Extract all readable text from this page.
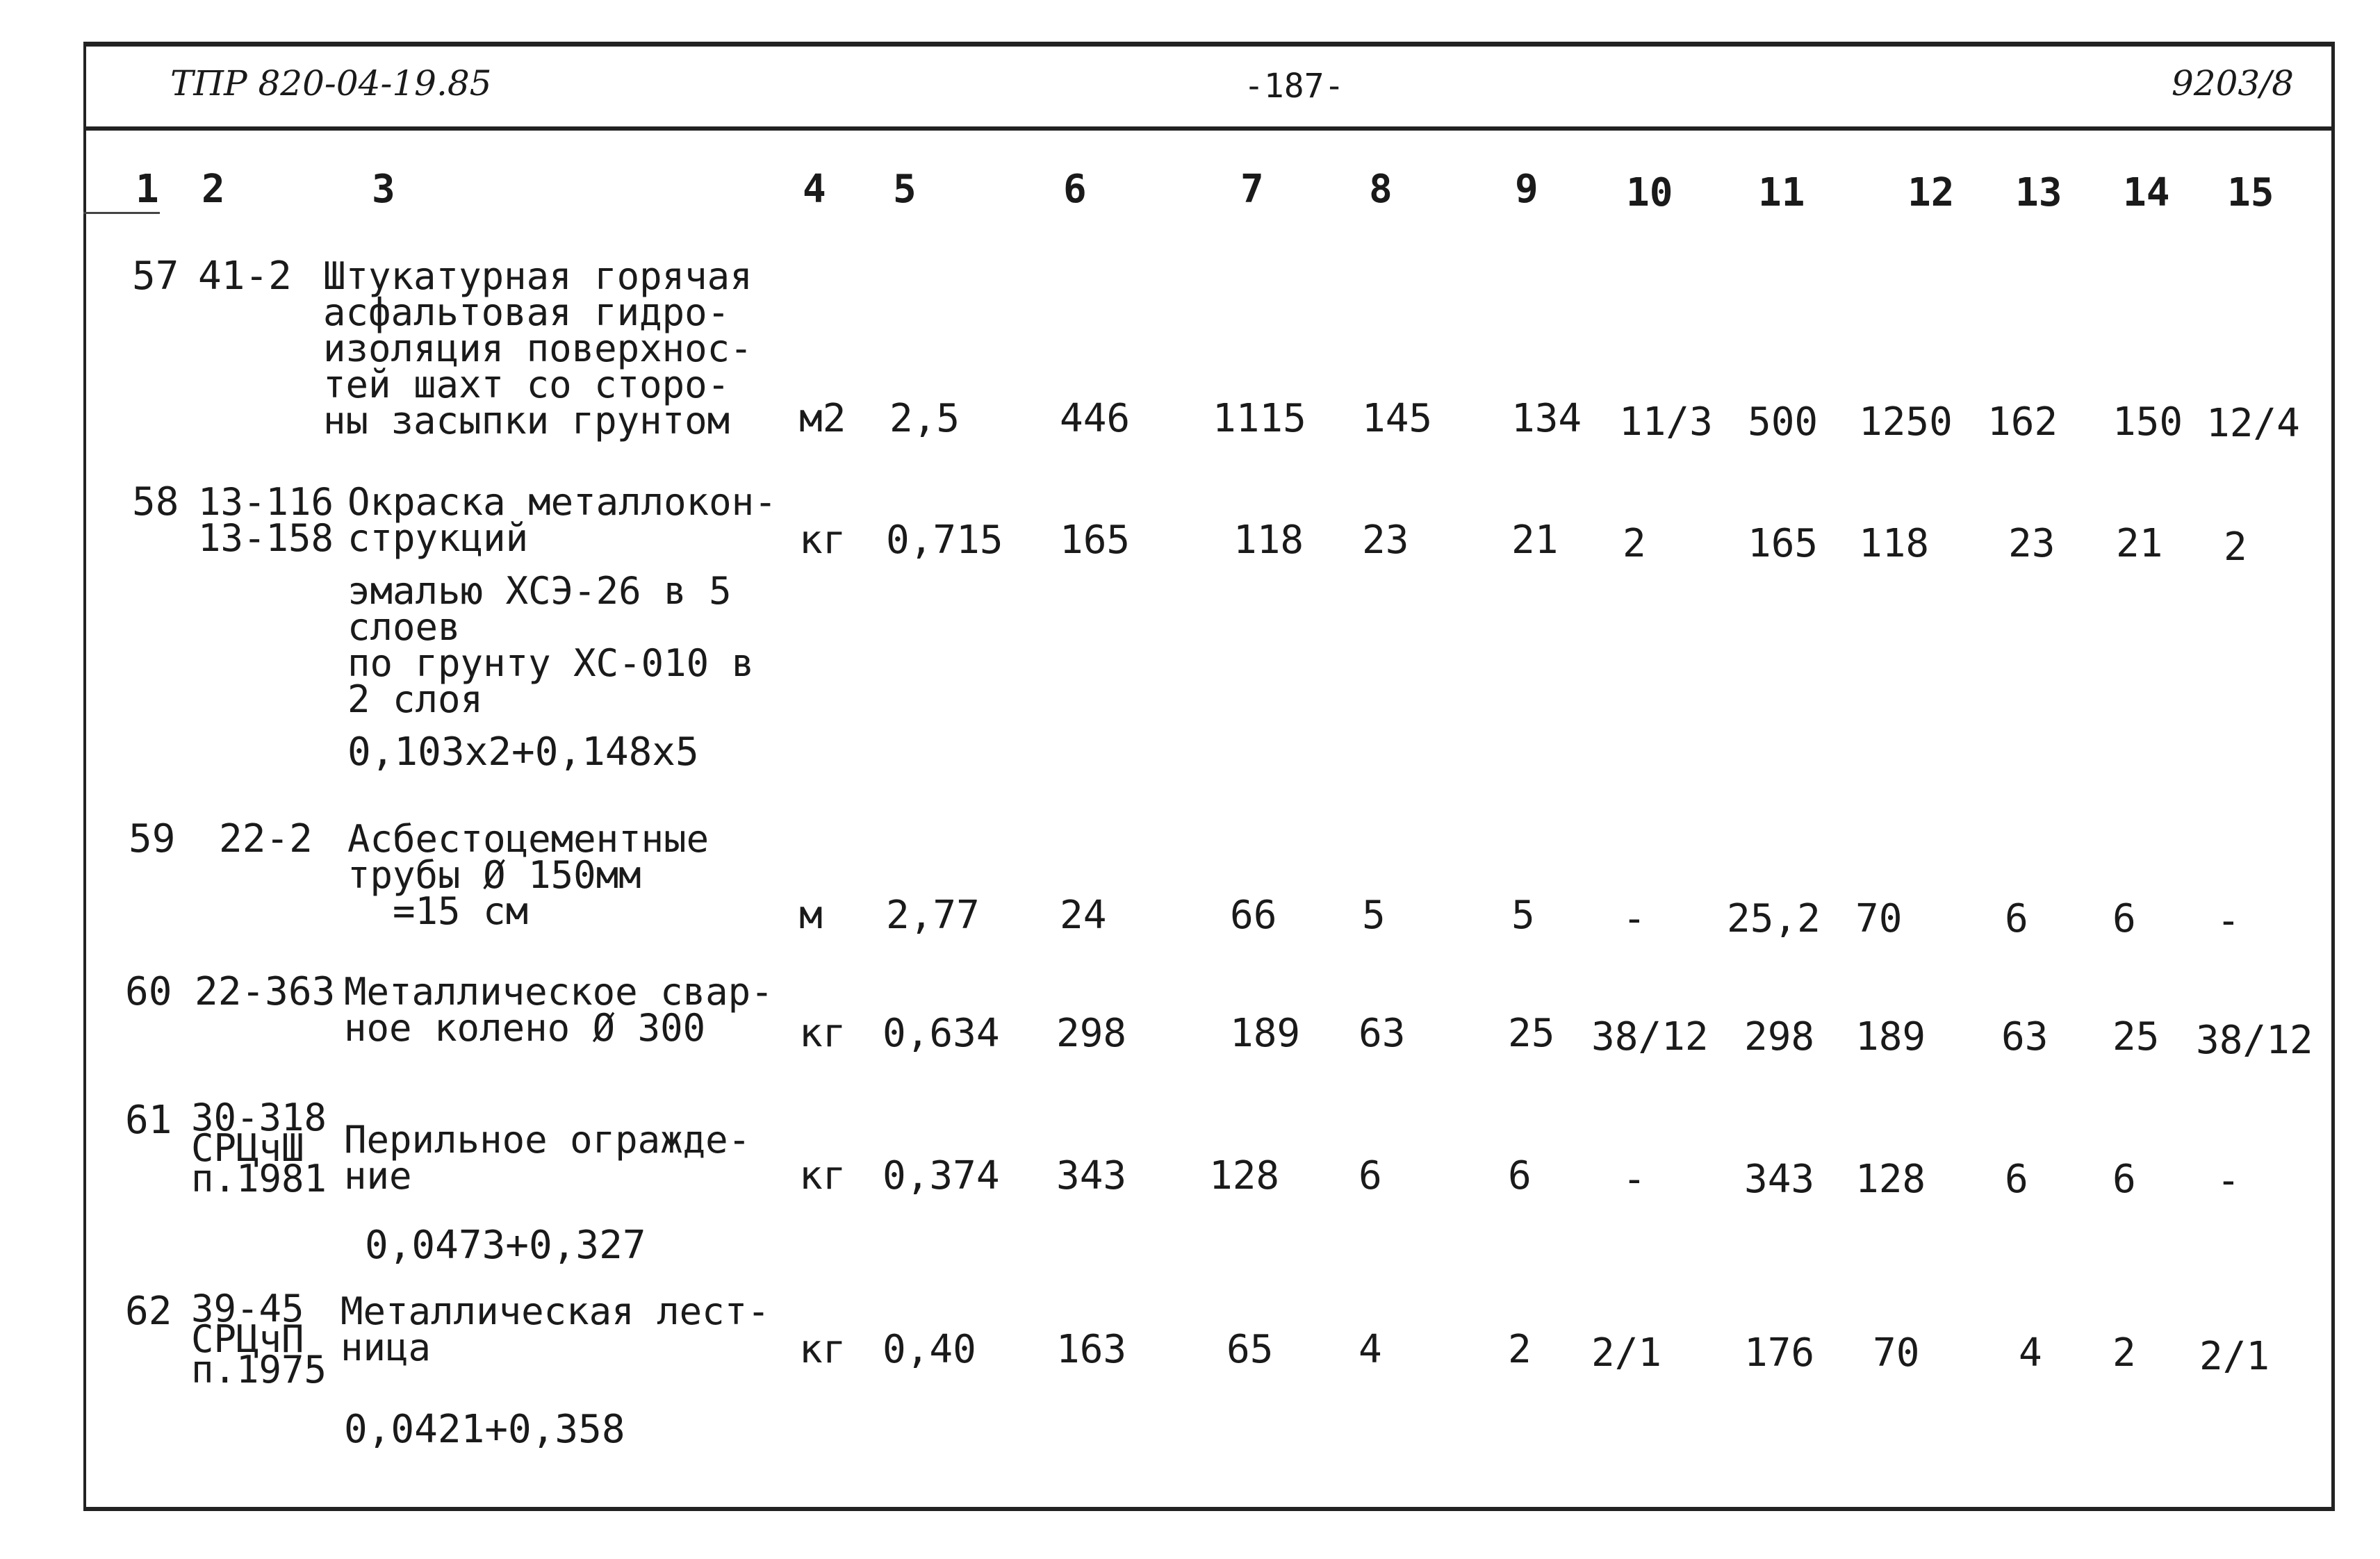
ТПР 820-04-19.85	-187-	9203/8
1 2	3	4 5	6	7	8	9 10 11	12 13 14 15
57 41-2 Штукатурная горячая
асфальтовая гидро-
изоляция поверхнос-
тей шахт со сторо-
ны засыпки грунтом	м2 2,5	446 1115 145 134 11/3 500 1250 162 150 12/4
58 13-116
13-158
Окраска металлокон-
струкций
эмалью ХСЭ-26 в 5
слоев
по грунту ХС-010 в
2 слоя
0,103х2+0,148х5
кг 0,715 165	118 23	21 2	165 118 23 21 2
59 22-2 Асбестоцементные
трубы Ø 150мм
=15 см	м 2,77 24	66 5	5 - 25,2 70	6 6 -
60 22-363 Металлическое свар-
ное колено Ø 300	кг 0,634 298	189 63	25 38/12 298 189 63 25 38/12
61 30-318
СРЦчШ
п.1981
Перильное огражде-
ние
0,0473+0,327
кг 0,374 343 128 6	6 -	343 128 6 6 -
62 39-45
СРЦчП
п.1975
Металлическая лест-
ница
0,0421+0,358
кг 0,40 163	65 4	2 2/1 176 70	4 2 2/1
